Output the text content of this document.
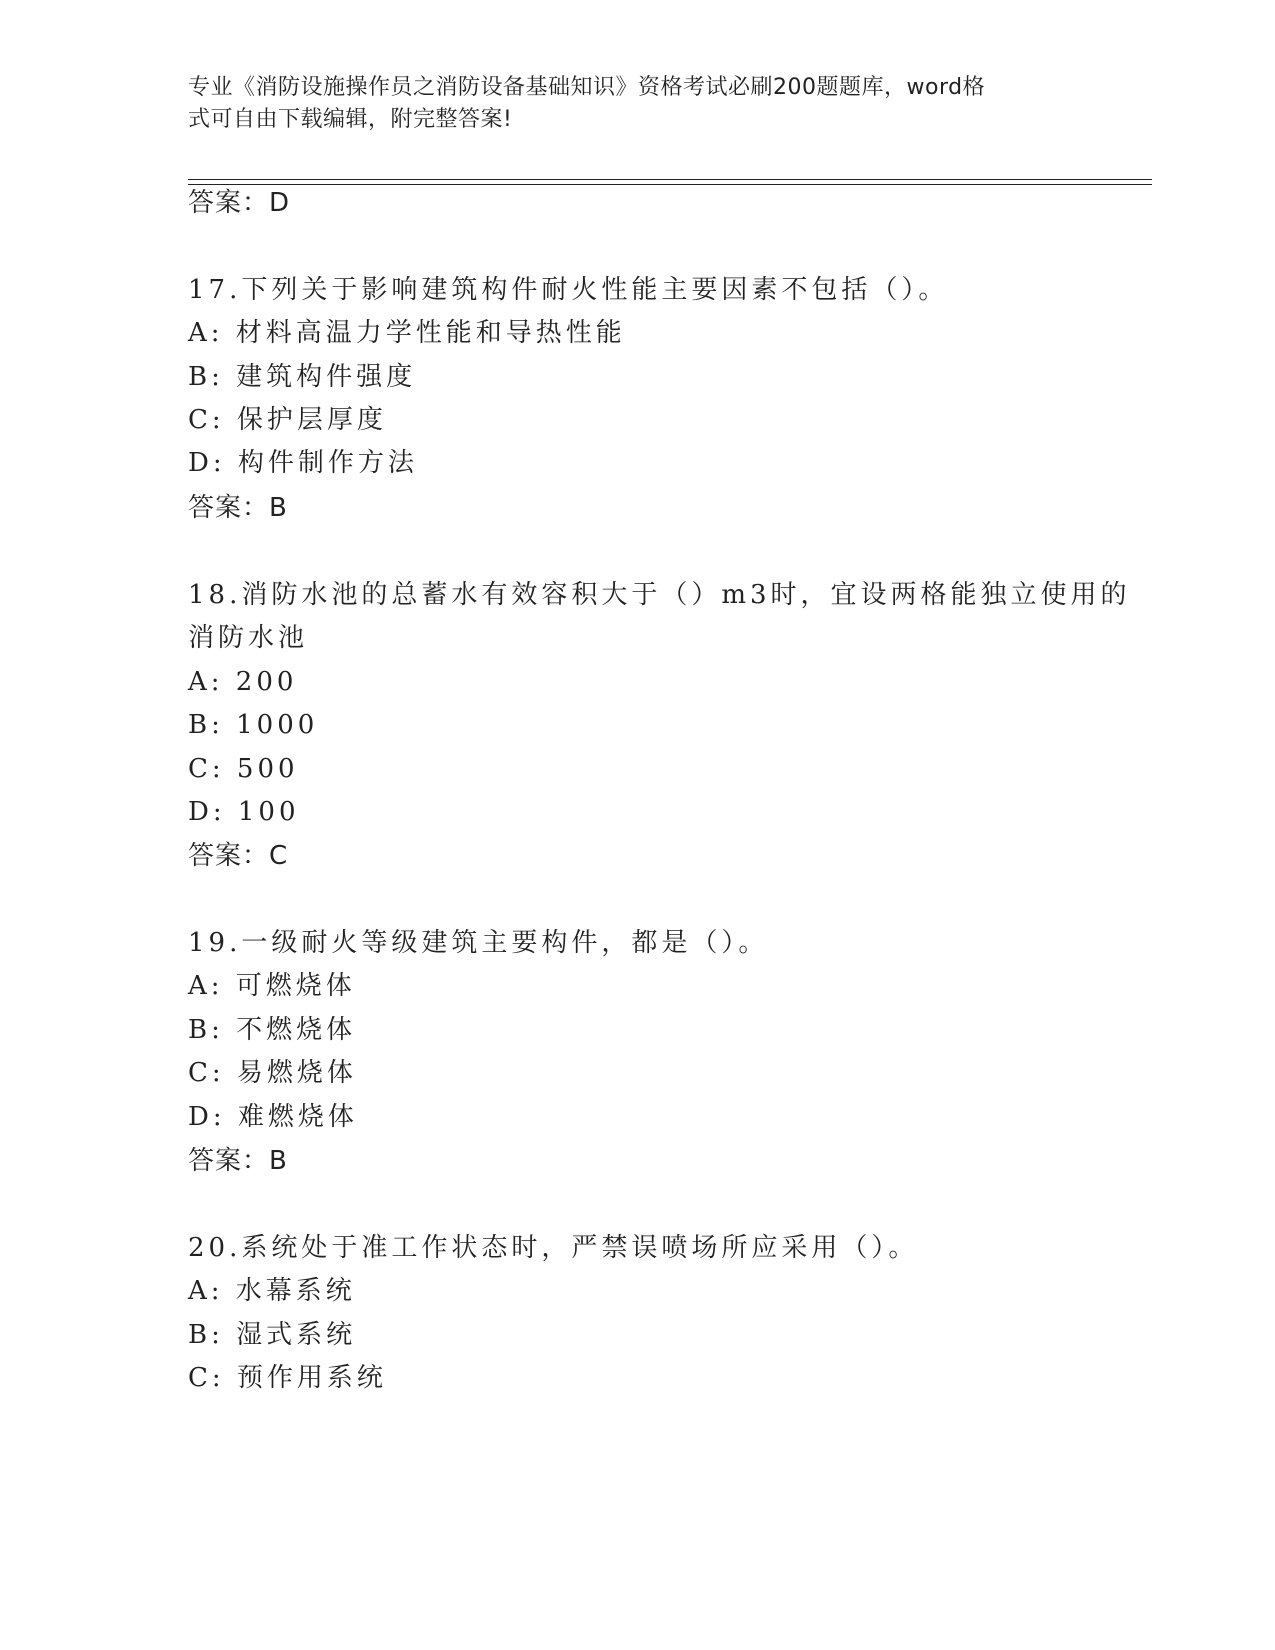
专业《消防设施操作员之消防设备基础知识》资格考试必刷200题题库，word格
式可自由下载编辑，附完整答案!
答案：D
17.下列关于影响建筑构件耐火性能主要因素不包括（）。
A: 材料高温力学性能和导热性能
B: 建筑构件强度
C: 保护层厚度
D: 构件制作方法
答案：B
18.消防水池的总蓄水有效容积大于（）m3时，宜设两格能独立使用的
消防水池
A: 200
B: 1000
C: 500
D: 100
答案：C
19.一级耐火等级建筑主要构件，都是（）。
A: 可燃烧体
B: 不燃烧体
C: 易燃烧体
D: 难燃烧体
答案：B
20.系统处于准工作状态时，严禁误喷场所应采用（）。
A: 水幕系统
B: 湿式系统
C: 预作用系统
